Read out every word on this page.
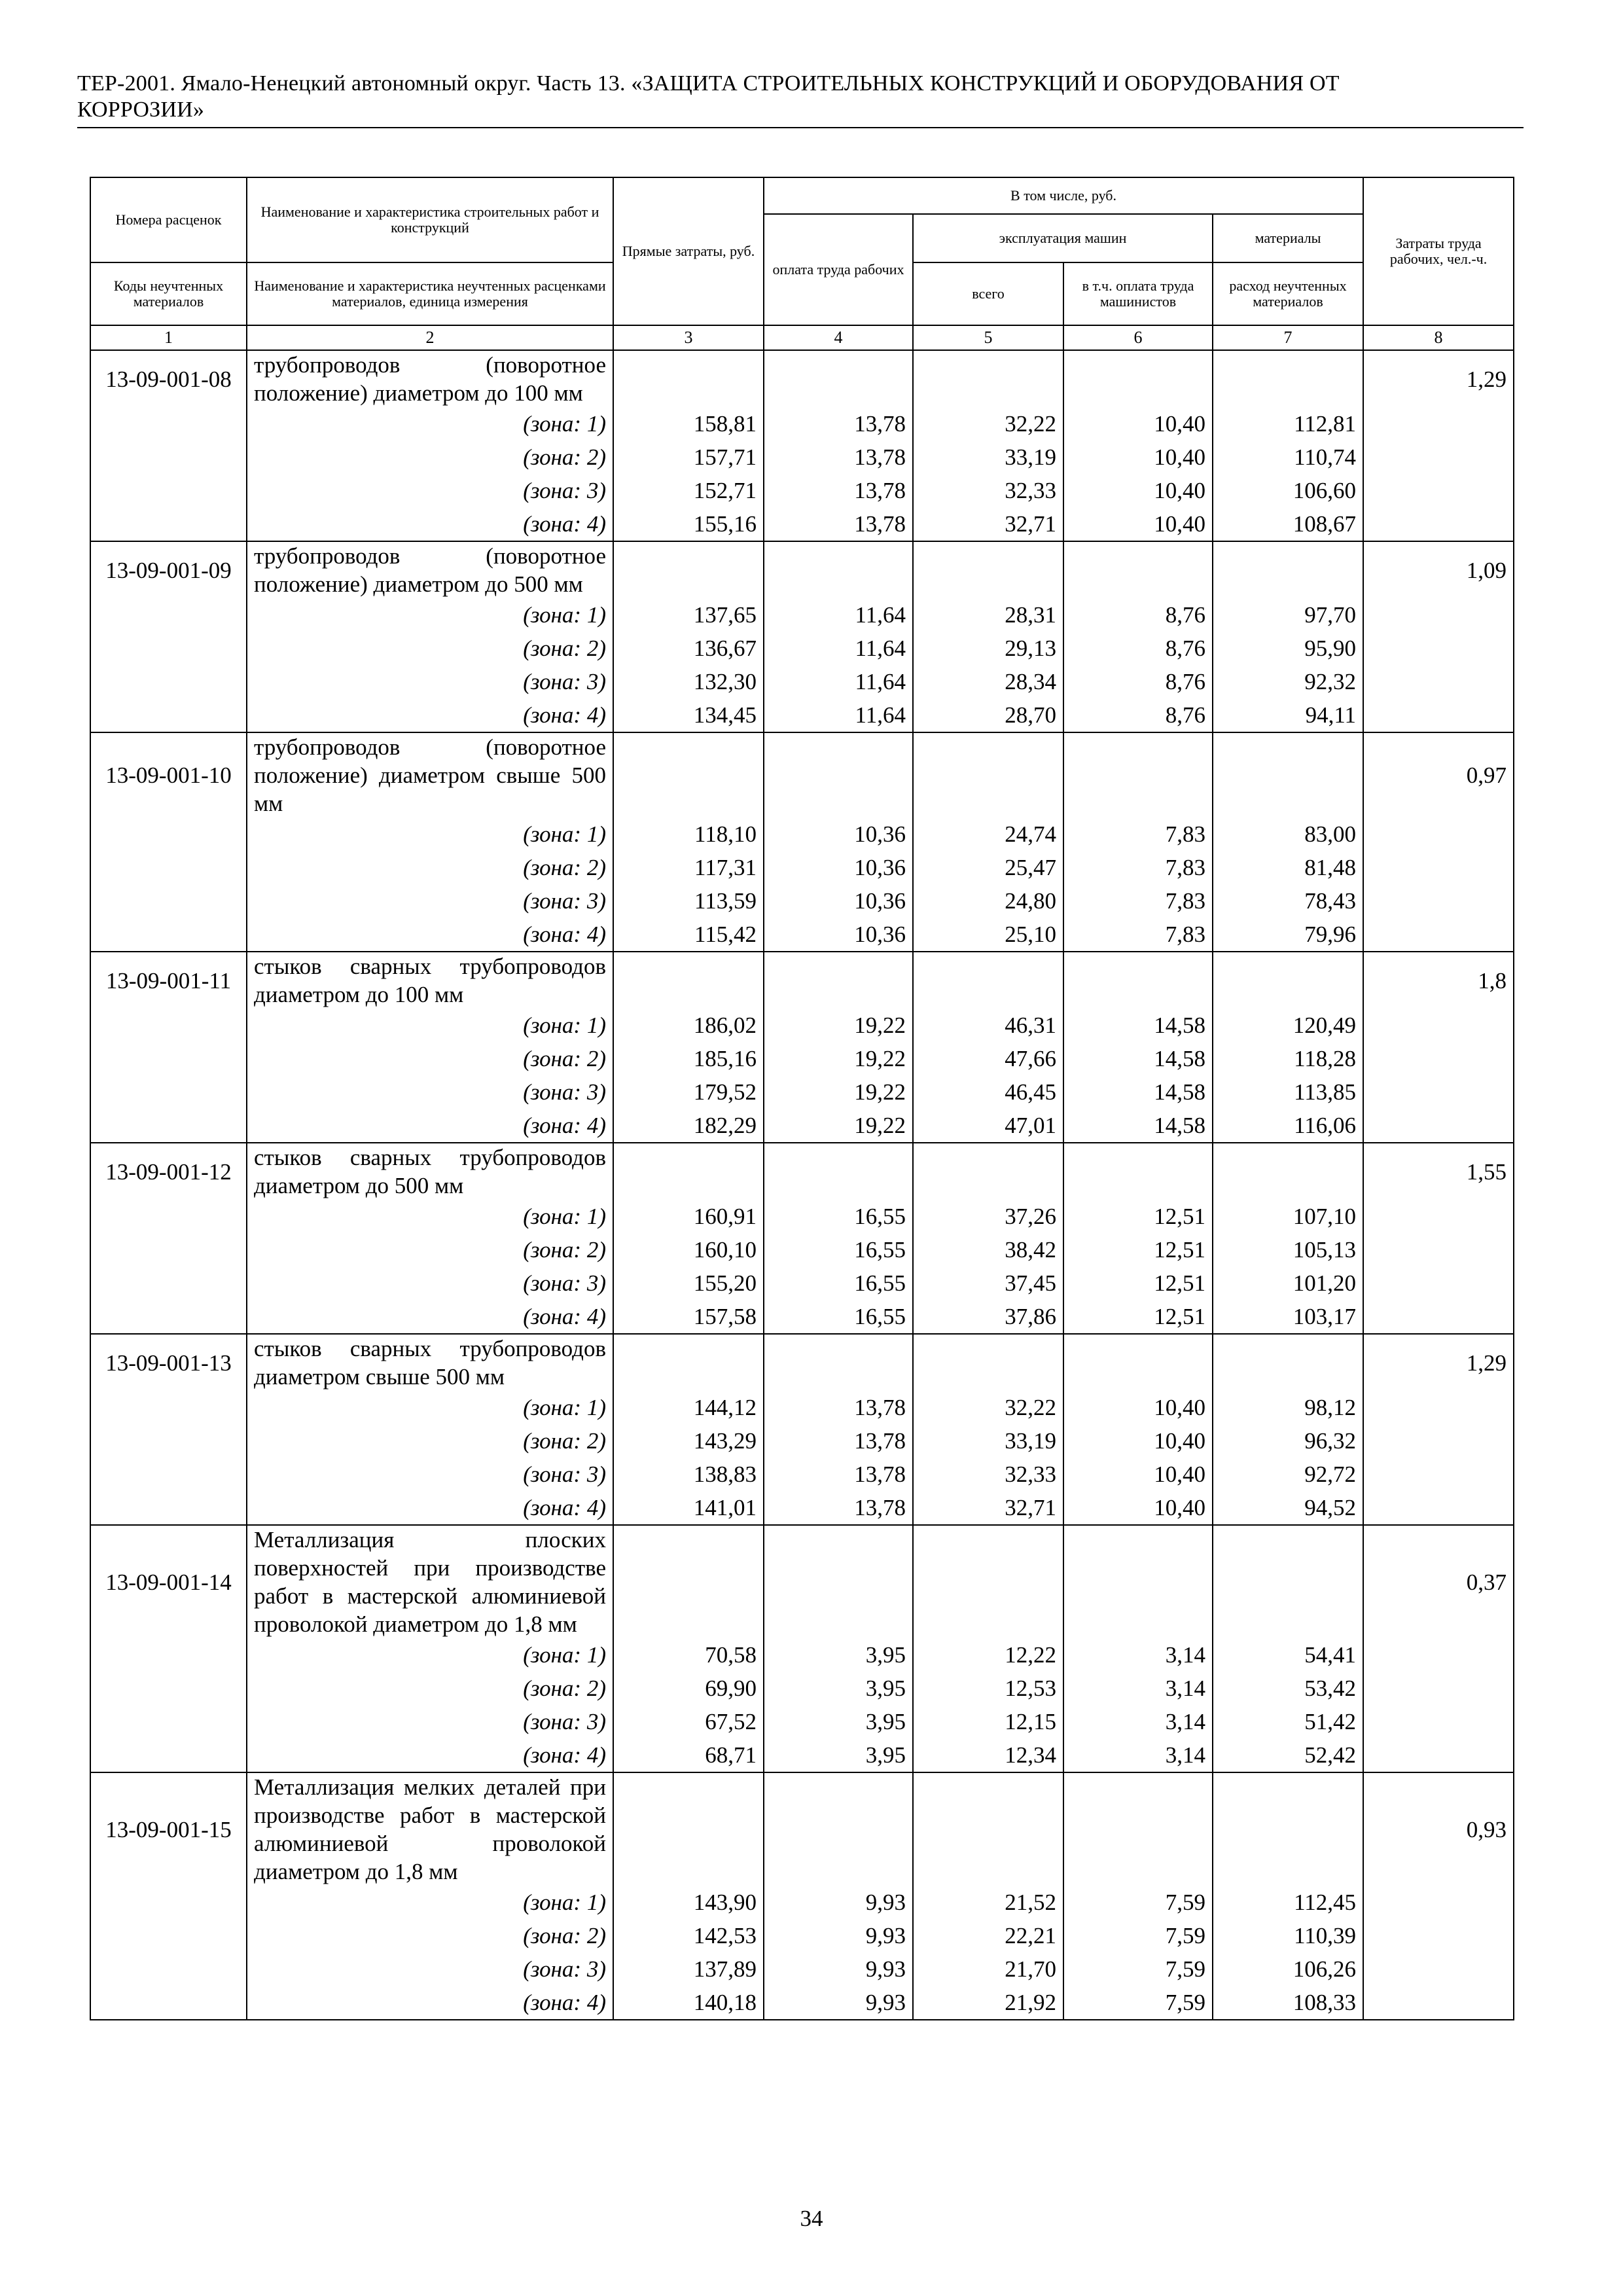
ТЕР-2001. Ямало-Ненецкий автономный округ. Часть 13. «ЗАЩИТА СТРОИТЕЛЬНЫХ КОНСТРУКЦИЙ И ОБОРУДОВАНИЯ ОТ
КОРРОЗИИ»
Номера расценок	Наименование и характеристика строительных работ и конструкций	Прямые затраты, руб.	В том числе, руб.				Затраты труда рабочих, чел.-ч.
			оплата труда рабочих	эксплуатация машин		материалы	
Коды неучтенных материалов	Наименование и характеристика неучтенных расценками материалов, единица измерения			всего	в т.ч. оплата труда машинистов	расход неучтенных материалов	
1	2	3	4	5	6	7	8
13-09-001-08	трубопроводов (поворотное положение) диаметром до 100 мм						1,29
	(зона: 1)	158,81	13,78	32,22	10,40	112,81	
	(зона: 2)	157,71	13,78	33,19	10,40	110,74	
	(зона: 3)	152,71	13,78	32,33	10,40	106,60	
	(зона: 4)	155,16	13,78	32,71	10,40	108,67	
13-09-001-09	трубопроводов (поворотное положение) диаметром до 500 мм						1,09
	(зона: 1)	137,65	11,64	28,31	8,76	97,70	
	(зона: 2)	136,67	11,64	29,13	8,76	95,90	
	(зона: 3)	132,30	11,64	28,34	8,76	92,32	
	(зона: 4)	134,45	11,64	28,70	8,76	94,11	
13-09-001-10	трубопроводов (поворотное положение) диаметром свыше 500 мм						0,97
	(зона: 1)	118,10	10,36	24,74	7,83	83,00	
	(зона: 2)	117,31	10,36	25,47	7,83	81,48	
	(зона: 3)	113,59	10,36	24,80	7,83	78,43	
	(зона: 4)	115,42	10,36	25,10	7,83	79,96	
13-09-001-11	стыков сварных трубопроводов диаметром до 100 мм						1,8
	(зона: 1)	186,02	19,22	46,31	14,58	120,49	
	(зона: 2)	185,16	19,22	47,66	14,58	118,28	
	(зона: 3)	179,52	19,22	46,45	14,58	113,85	
	(зона: 4)	182,29	19,22	47,01	14,58	116,06	
13-09-001-12	стыков сварных трубопроводов диаметром до 500 мм						1,55
	(зона: 1)	160,91	16,55	37,26	12,51	107,10	
	(зона: 2)	160,10	16,55	38,42	12,51	105,13	
	(зона: 3)	155,20	16,55	37,45	12,51	101,20	
	(зона: 4)	157,58	16,55	37,86	12,51	103,17	
13-09-001-13	стыков сварных трубопроводов диаметром свыше 500 мм						1,29
	(зона: 1)	144,12	13,78	32,22	10,40	98,12	
	(зона: 2)	143,29	13,78	33,19	10,40	96,32	
	(зона: 3)	138,83	13,78	32,33	10,40	92,72	
	(зона: 4)	141,01	13,78	32,71	10,40	94,52	
13-09-001-14	Металлизация плоских поверхностей при производстве работ в мастерской алюминиевой проволокой диаметром до 1,8 мм						0,37
	(зона: 1)	70,58	3,95	12,22	3,14	54,41	
	(зона: 2)	69,90	3,95	12,53	3,14	53,42	
	(зона: 3)	67,52	3,95	12,15	3,14	51,42	
	(зона: 4)	68,71	3,95	12,34	3,14	52,42	
13-09-001-15	Металлизация мелких деталей при производстве работ в мастерской алюминиевой проволокой диаметром до 1,8 мм						0,93
	(зона: 1)	143,90	9,93	21,52	7,59	112,45	
	(зона: 2)	142,53	9,93	22,21	7,59	110,39	
	(зона: 3)	137,89	9,93	21,70	7,59	106,26	
	(зона: 4)	140,18	9,93	21,92	7,59	108,33	
34
